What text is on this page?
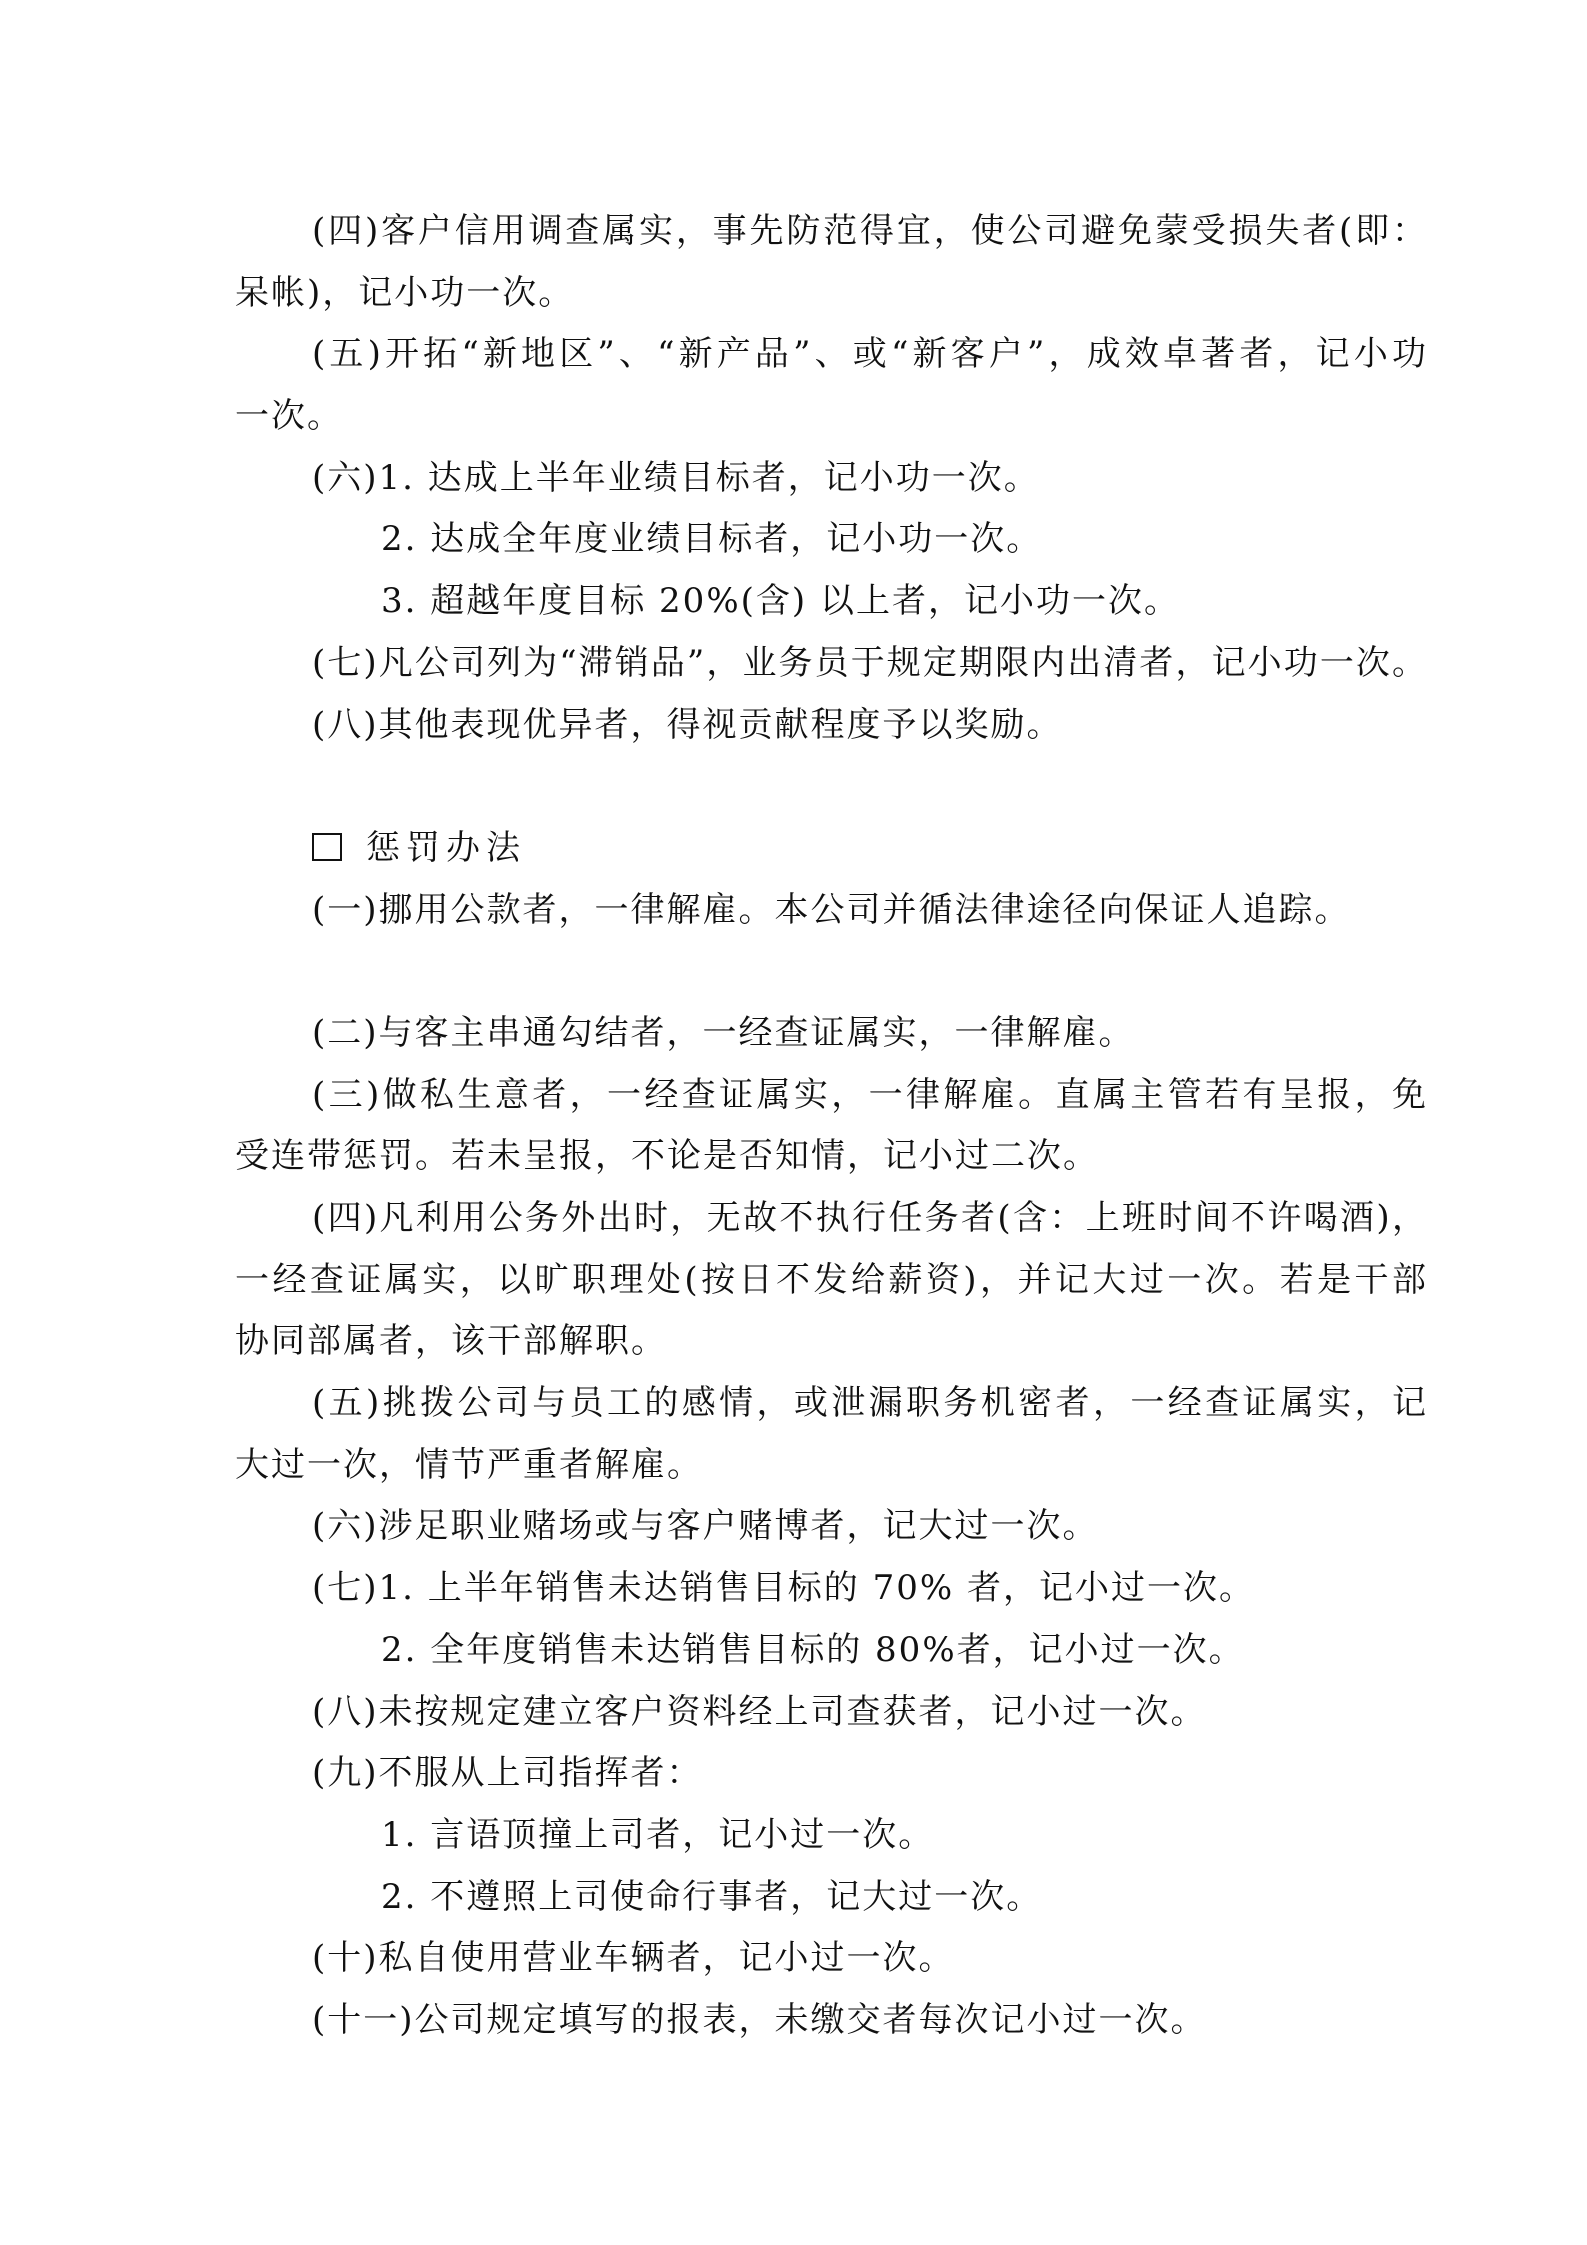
(四)客户信用调查属实，事先防范得宜，使公司避免蒙受损失者(即：
呆帐)，记小功一次。
(五)开拓“新地区”、“新产品”、或“新客户”，成效卓著者，记小功
一次。
(六)1. 达成上半年业绩目标者，记小功一次。
2. 达成全年度业绩目标者，记小功一次。
3. 超越年度目标 20%(含) 以上者，记小功一次。
(七)凡公司列为“滞销品”，业务员于规定期限内出清者，记小功一次。
(八)其他表现优异者，得视贡献程度予以奖励。
惩罚办法
(一)挪用公款者，一律解雇。本公司并循法律途径向保证人追踪。
(二)与客主串通勾结者，一经查证属实，一律解雇。
(三)做私生意者，一经查证属实，一律解雇。直属主管若有呈报，免
受连带惩罚。若未呈报，不论是否知情，记小过二次。
(四)凡利用公务外出时，无故不执行任务者(含：上班时间不许喝酒)，
一经查证属实，以旷职理处(按日不发给薪资)，并记大过一次。若是干部
协同部属者，该干部解职。
(五)挑拨公司与员工的感情，或泄漏职务机密者，一经查证属实，记
大过一次，情节严重者解雇。
(六)涉足职业赌场或与客户赌博者，记大过一次。
(七)1. 上半年销售未达销售目标的 70% 者，记小过一次。
2. 全年度销售未达销售目标的 80%者，记小过一次。
(八)未按规定建立客户资料经上司查获者，记小过一次。
(九)不服从上司指挥者：
1. 言语顶撞上司者，记小过一次。
2. 不遵照上司使命行事者，记大过一次。
(十)私自使用营业车辆者，记小过一次。
(十一)公司规定填写的报表，未缴交者每次记小过一次。
